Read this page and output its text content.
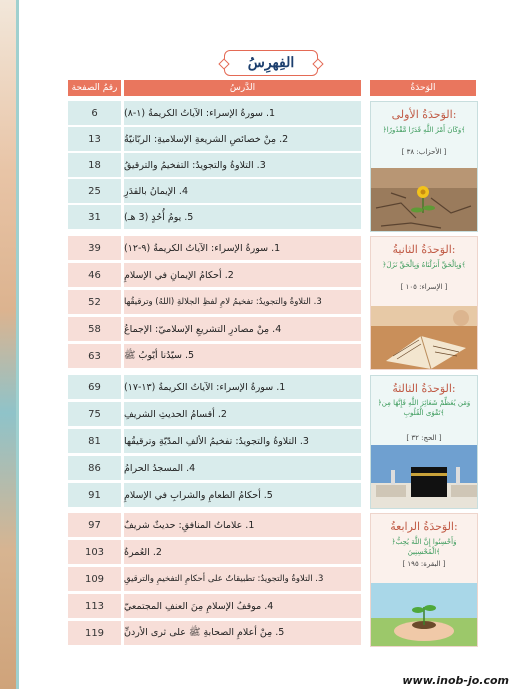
الفِهرِسُ
رقمُ الصفحة	الدَّرسُ	الوَحدَةُ
الوَحدَةُ الأولى:
﴿وَكَانَ أَمْرُ اللَّهِ قَدَرًا مَّقْدُورًا﴾
[ الأحزاب: ٣٨ ]
الوَحدَةُ الثانيةُ:
﴿وَبِالْحَقِّ أَنزَلْنَاهُ وَبِالْحَقِّ نَزَلَ﴾
[ الإسراء: ١٠٥ ]
الوَحدَةُ الثالثةُ:
﴿وَمَن يُعَظِّمْ شَعَائِرَ اللَّهِ فَإِنَّهَا مِن تَقْوَى الْقُلُوبِ﴾
[ الحج: ٣٢ ]
الوَحدَةُ الرابعةُ:
﴿وَأَحْسِنُوا إِنَّ اللَّهَ يُحِبُّ الْمُحْسِنِينَ﴾
[ البقرة: ١٩٥ ]
6	1. سورةُ الإسراء: الآياتُ الكريمةُ (١-٨)
13	2. مِنْ خصائصِ الشريعةِ الإسلاميةِ: الربّانيّةُ
18	3. التلاوةُ والتجويدُ: التفخيمُ والترقيقُ
25	4. الإيمانُ بالقدَرِ
31	5. يومُ أُحُدٍ (3 هـ)
39	1. سورةُ الإسراء: الآياتُ الكريمةُ (٩-١٢)
46	2. أحكامُ الإيمانِ في الإسلامِ
52	3. التلاوةُ والتجويدُ: تفخيمُ لامِ لفظِ الجلالةِ (اللهُ) وترقيقُها
58	4. مِنْ مصادرِ التشريعِ الإسلاميّ: الإجماعُ
63	5. سيّدُنا أيّوبُ ﷺ
69	1. سورةُ الإسراء: الآياتُ الكريمةُ (١٣-١٧)
75	2. أقسامُ الحديثِ الشريفِ
81	3. التلاوةُ والتجويدُ: تفخيمُ الألفِ المدّيّةِ وترقيقُها
86	4. المسجدُ الحرامُ
91	5. أحكامُ الطعامِ والشرابِ في الإسلامِ
97	1. علاماتُ المنافقِ: حديثٌ شريفٌ
103	2. العُمرةُ
109	3. التلاوةُ والتجويدُ: تطبيقاتٌ على أحكامِ التفخيمِ والترقيقِ
113	4. موقفُ الإسلامِ مِنَ العنفِ المجتمعيّ
119	5. مِنْ أعلامِ الصحابةِ ﷺ على ثرى الأردنِّ
www.inob-jo.com
